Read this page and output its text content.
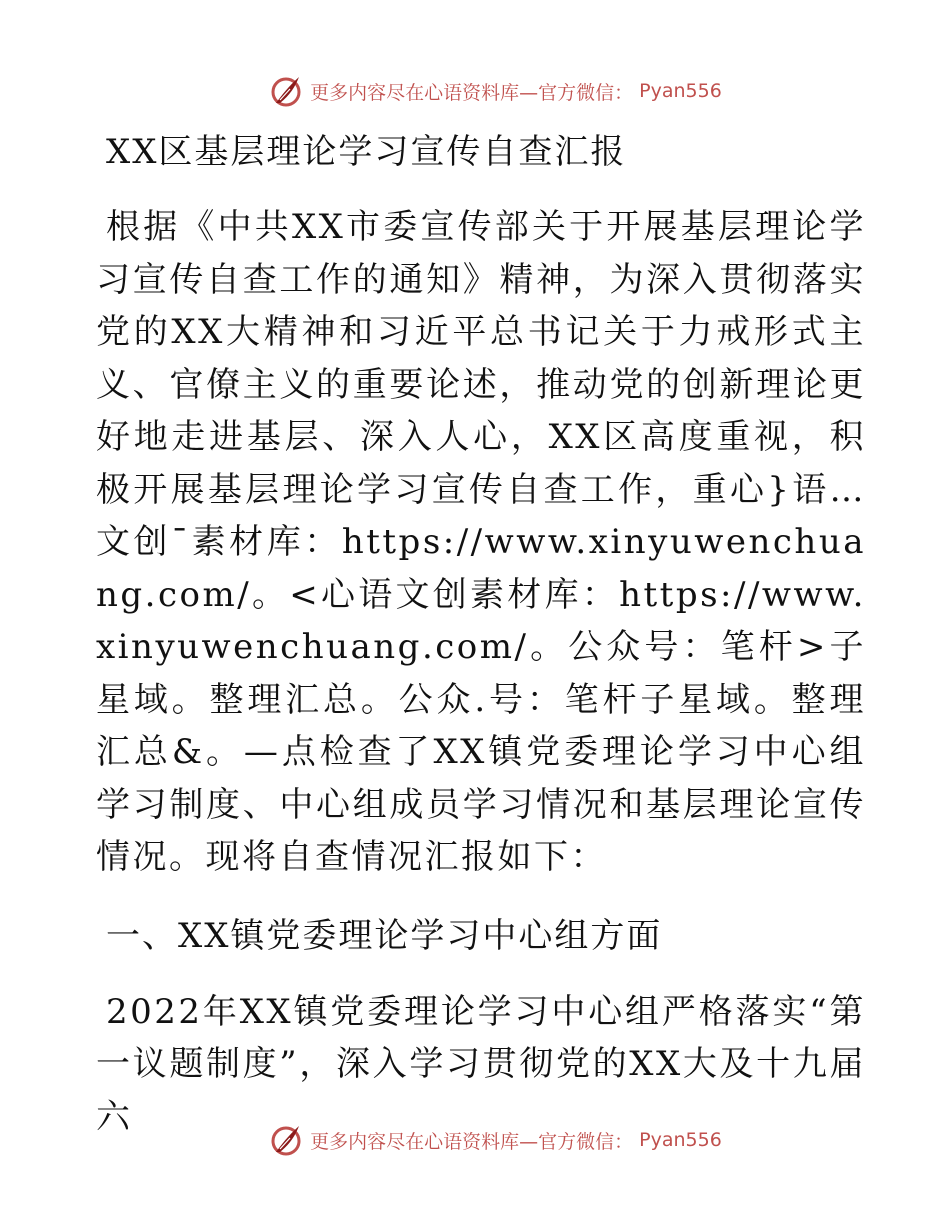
更多内容尽在心语资料库—官方微信： Pyan556
XX区基层理论学习宣传自查汇报

根据《中共XX市委宣传部关于开展基层理论学习宣传自查工作的通知》精神，为深入贯彻落实党的XX大精神和习近平总书记关于力戒形式主义、官僚主义的重要论述，推动党的创新理论更好地走进基层、深入人心，XX区高度重视，积极开展基层理论学习宣传自查工作，重心}语…文创¯素材库：https://www.xinyuwenchuang.com/。<心语文创素材库：https://www.xinyuwenchuang.com/。公众号：笔杆>子星域。整理汇总。公众.号：笔杆子星域。整理汇总&。—点检查了XX镇党委理论学习中心组学习制度、中心组成员学习情况和基层理论宣传情况。现将自查情况汇报如下：

一、XX镇党委理论学习中心组方面

2022年XX镇党委理论学习中心组严格落实“第一议题制度”，深入学习贯彻党的XX大及十九届六

更多内容尽在心语资料库—官方微信： Pyan556
